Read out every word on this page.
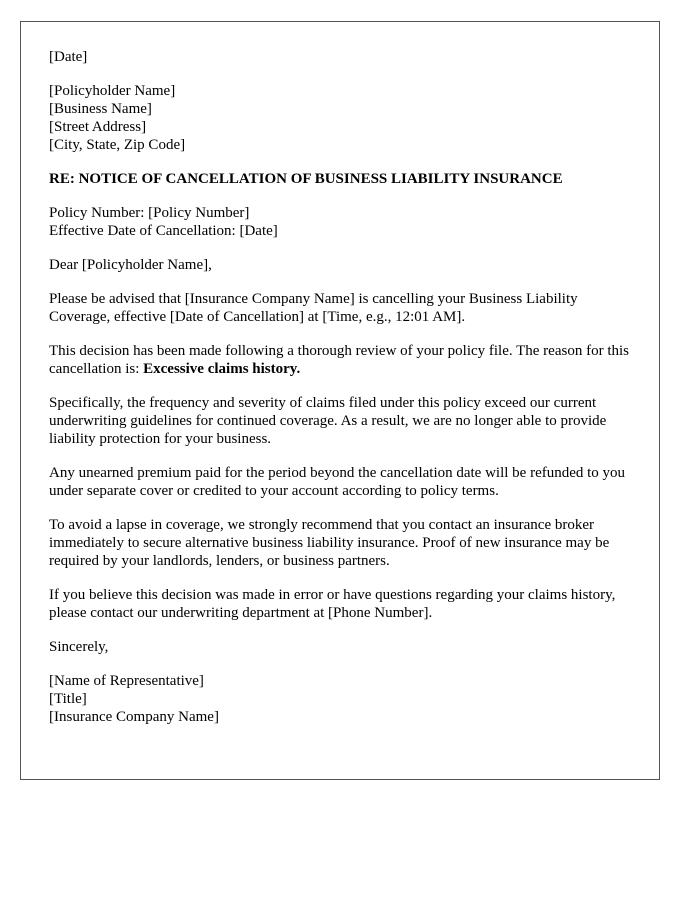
[Date]
[Policyholder Name]
[Business Name]
[Street Address]
[City, State, Zip Code]
RE: NOTICE OF CANCELLATION OF BUSINESS LIABILITY INSURANCE
Policy Number: [Policy Number]
Effective Date of Cancellation: [Date]
Dear [Policyholder Name],

Please be advised that [Insurance Company Name] is cancelling your Business Liability Coverage, effective [Date of Cancellation] at [Time, e.g., 12:01 AM].

This decision has been made following a thorough review of your policy file. The reason for this cancellation is: Excessive claims history.

Specifically, the frequency and severity of claims filed under this policy exceed our current underwriting guidelines for continued coverage. As a result, we are no longer able to provide liability protection for your business.

Any unearned premium paid for the period beyond the cancellation date will be refunded to you under separate cover or credited to your account according to policy terms.

To avoid a lapse in coverage, we strongly recommend that you contact an insurance broker immediately to secure alternative business liability insurance. Proof of new insurance may be required by your landlords, lenders, or business partners.

If you believe this decision was made in error or have questions regarding your claims history, please contact our underwriting department at [Phone Number].

Sincerely,
[Name of Representative]
[Title]
[Insurance Company Name]
